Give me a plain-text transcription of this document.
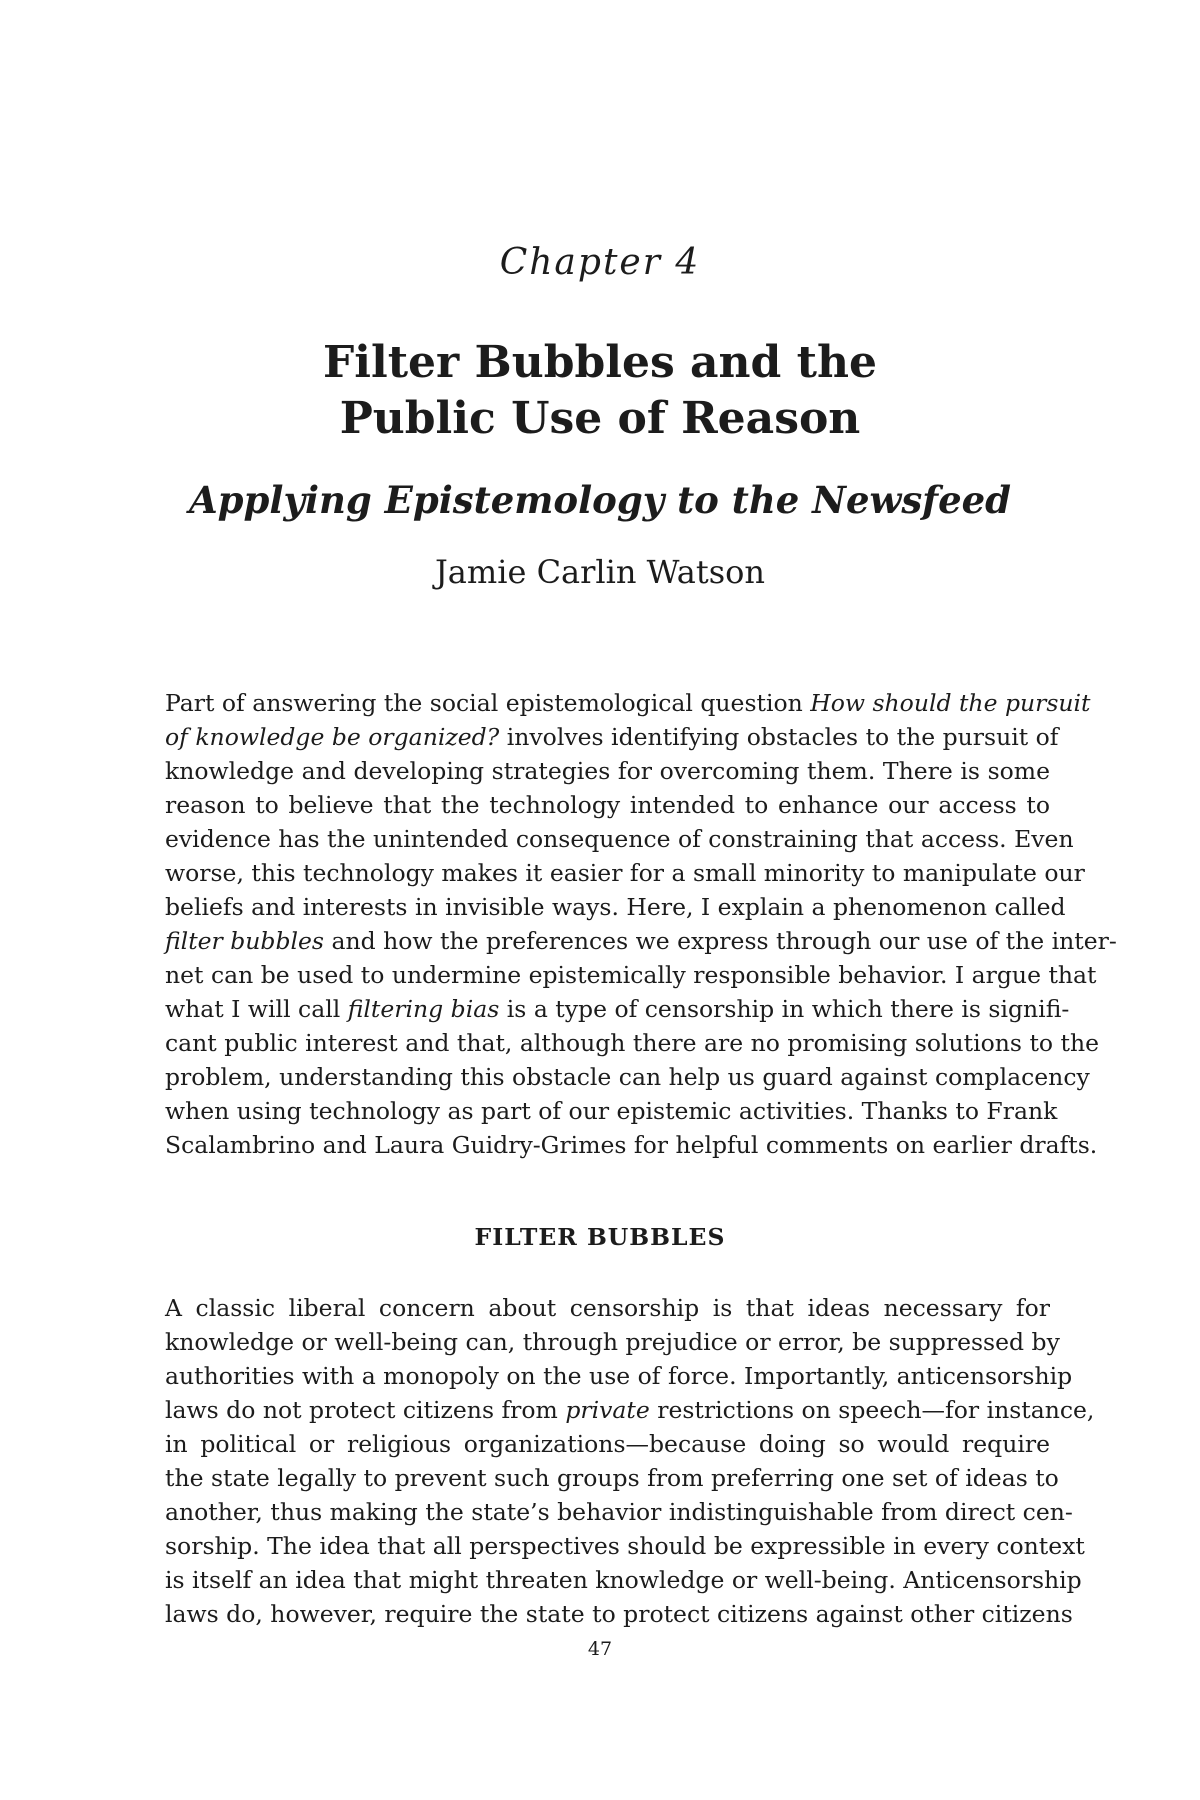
Chapter 4
Filter Bubbles and the
Public Use of Reason
Applying Epistemology to the Newsfeed
Jamie Carlin Watson
Part of answering the social epistemological question How should the pursuit
of knowledge be organized? involves identifying obstacles to the pursuit of
knowledge and developing strategies for overcoming them. There is some
reason to believe that the technology intended to enhance our access to
evidence has the unintended consequence of constraining that access. Even
worse, this technology makes it easier for a small minority to manipulate our
beliefs and interests in invisible ways. Here, I explain a phenomenon called
filter bubbles and how the preferences we express through our use of the inter-
net can be used to undermine epistemically responsible behavior. I argue that
what I will call filtering bias is a type of censorship in which there is signifi-
cant public interest and that, although there are no promising solutions to the
problem, understanding this obstacle can help us guard against complacency
when using technology as part of our epistemic activities. Thanks to Frank
Scalambrino and Laura Guidry-Grimes for helpful comments on earlier drafts.
FILTER BUBBLES
A classic liberal concern about censorship is that ideas necessary for
knowledge or well-being can, through prejudice or error, be suppressed by
authorities with a monopoly on the use of force. Importantly, anticensorship
laws do not protect citizens from private restrictions on speech—for instance,
in political or religious organizations—because doing so would require
the state legally to prevent such groups from preferring one set of ideas to
another, thus making the state’s behavior indistinguishable from direct cen-
sorship. The idea that all perspectives should be expressible in every context
is itself an idea that might threaten knowledge or well-being. Anticensorship
laws do, however, require the state to protect citizens against other citizens
47
